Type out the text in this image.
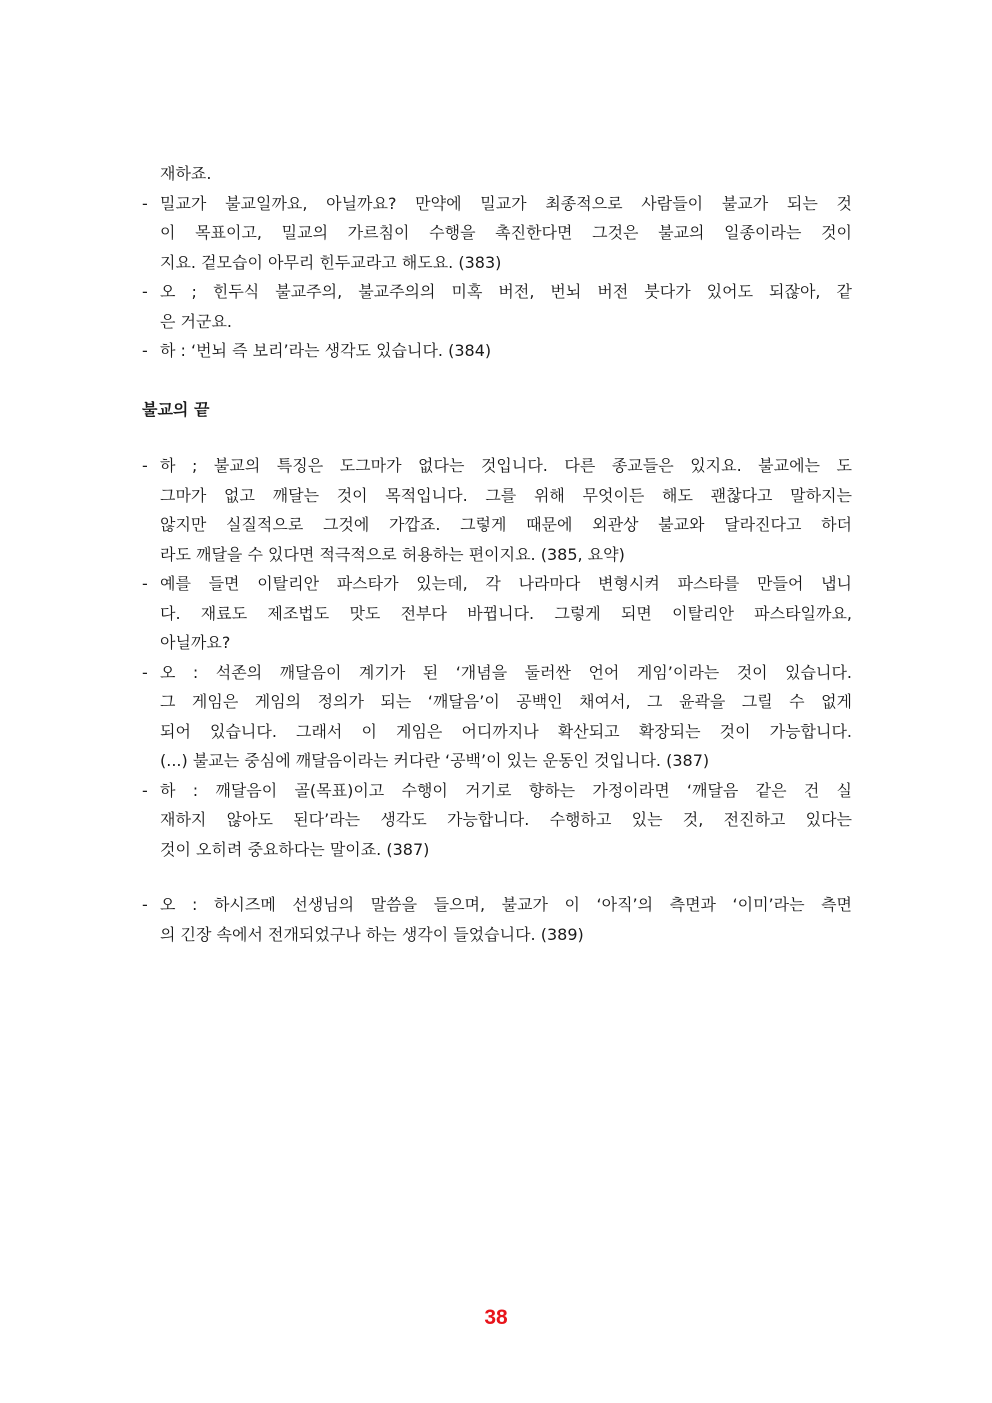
재하죠.
- 밀교가 불교일까요, 아닐까요? 만약에 밀교가 최종적으로 사람들이 불교가 되는 것
이 목표이고, 밀교의 가르침이 수행을 촉진한다면 그것은 불교의 일종이라는 것이
지요. 겉모습이 아무리 힌두교라고 해도요. (383)
- 오 ; 힌두식 불교주의, 불교주의의 미혹 버전, 번뇌 버전 붓다가 있어도 되잖아, 같
은 거군요.
- 하 : ‘번뇌 즉 보리’라는 생각도 있습니다. (384)
불교의 끝
- 하 ; 불교의 특징은 도그마가 없다는 것입니다. 다른 종교들은 있지요. 불교에는 도
그마가 없고 깨달는 것이 목적입니다. 그를 위해 무엇이든 해도 괜찮다고 말하지는
않지만 실질적으로 그것에 가깝죠. 그렇게 때문에 외관상 불교와 달라진다고 하더
라도 깨달을 수 있다면 적극적으로 허용하는 편이지요. (385, 요약)
- 예를 들면 이탈리안 파스타가 있는데, 각 나라마다 변형시켜 파스타를 만들어 냅니
다. 재료도 제조법도 맛도 전부다 바뀝니다. 그렇게 되면 이탈리안 파스타일까요,
아닐까요?
- 오 : 석존의 깨달음이 계기가 된 ‘개념을 둘러싼 언어 게임’이라는 것이 있습니다.
그 게임은 게임의 정의가 되는 ‘깨달음’이 공백인 채여서, 그 윤곽을 그릴 수 없게
되어 있습니다. 그래서 이 게임은 어디까지나 확산되고 확장되는 것이 가능합니다.
(...) 불교는 중심에 깨달음이라는 커다란 ‘공백’이 있는 운동인 것입니다. (387)
- 하 : 깨달음이 골(목표)이고 수행이 거기로 향하는 가정이라면 ‘깨달음 같은 건 실
재하지 않아도 된다’라는 생각도 가능합니다. 수행하고 있는 것, 전진하고 있다는
것이 오히려 중요하다는 말이죠. (387)
- 오 : 하시즈메 선생님의 말씀을 들으며, 불교가 이 ‘아직’의 측면과 ‘이미’라는 측면
의 긴장 속에서 전개되었구나 하는 생각이 들었습니다. (389)
38
